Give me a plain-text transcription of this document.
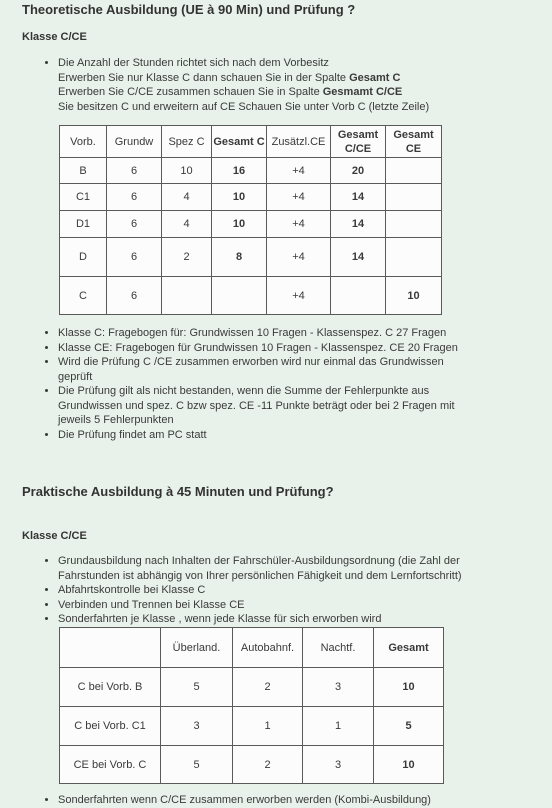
Theoretische Ausbildung (UE à 90 Min) und Prüfung ?
Klasse C/CE
• Die Anzahl der Stunden richtet sich nach dem Vorbesitz
Erwerben Sie nur Klasse C dann schauen Sie in der Spalte Gesamt C
Erwerben Sie C/CE zusammen schauen Sie in Spalte Gesmamt C/CE
Sie besitzen C und erweitern auf CE Schauen Sie unter Vorb C (letzte Zeile)
Vorb.	Grundw	Spez C	Gesamt C	Zusätzl.CE	Gesamt C/CE	Gesamt CE
B	6	10	16	+4	20	
C1	6	4	10	+4	14	
D1	6	4	10	+4	14	
D	6	2	8	+4	14	
C	6			+4		10
• Klasse C: Fragebogen für: Grundwissen 10 Fragen - Klassenspez. C 27 Fragen
• Klasse CE: Fragebogen für Grundwissen 10 Fragen - Klassenspez. CE 20 Fragen
• Wird die Prüfung C /CE zusammen erworben wird nur einmal das Grundwissen geprüft
• Die Prüfung gilt als nicht bestanden, wenn die Summe der Fehlerpunkte aus Grundwissen und spez. C bzw spez. CE -11 Punkte beträgt oder bei 2 Fragen mit jeweils 5 Fehlerpunkten
• Die Prüfung findet am PC statt
Praktische Ausbildung à 45 Minuten und Prüfung?
Klasse C/CE
• Grundausbildung nach Inhalten der Fahrschüler-Ausbildungsordnung (die Zahl der Fahrstunden ist abhängig von Ihrer persönlichen Fähigkeit und dem Lernfortschritt)
• Abfahrtskontrolle bei Klasse C
• Verbinden und Trennen bei Klasse CE
• Sonderfahrten je Klasse , wenn jede Klasse für sich erworben wird
	Überland.	Autobahnf.	Nachtf.	Gesamt
C bei Vorb. B	5	2	3	10
C bei Vorb. C1	3	1	1	5
CE bei Vorb. C	5	2	3	10
• Sonderfahrten wenn C/CE zusammen erworben werden (Kombi-Ausbildung)
